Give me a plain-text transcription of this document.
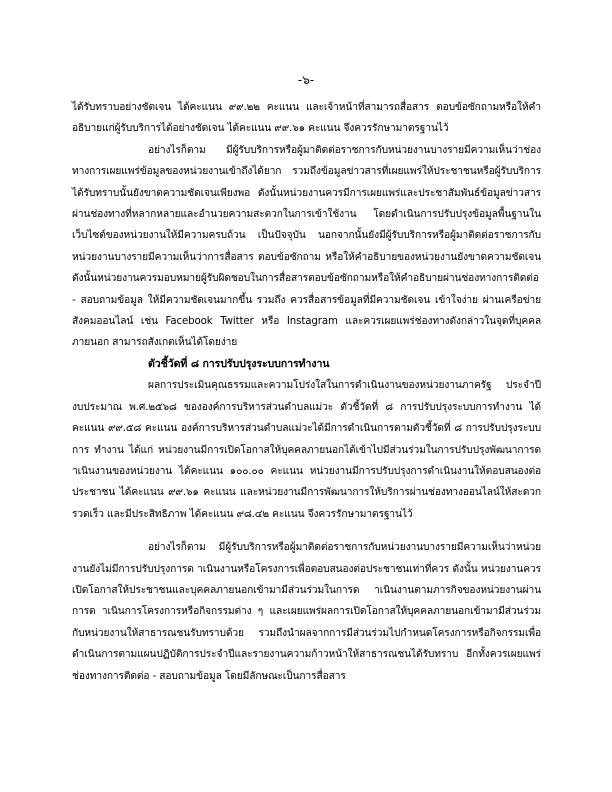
-๖-

ได้รับทราบอย่างชัดเจน ได้คะแนน ๙๙.๒๒ คะแนน และเจ้าหน้าที่สามารถสื่อสาร ตอบข้อซักถามหรือให้คำอธิบายแก่ผู้รับบริการได้อย่างชัดเจน ได้คะแนน ๙๙.๖๑ คะแนน จึงควรรักษามาตรฐานไว้

อย่างไรก็ตาม มีผู้รับบริการหรือผู้มาติดต่อราชการกับหน่วยงานบางรายมีความเห็นว่าช่องทางการเผยแพร่ข้อมูลของหน่วยงานเข้าถึงได้ยาก รวมถึงข้อมูลข่าวสารที่เผยแพร่ให้ประชาชนหรือผู้รับบริการได้รับทราบนั้นยังขาดความชัดเจนเพียงพอ ดังนั้นหน่วยงานควรมีการเผยแพร่และประชาสัมพันธ์ข้อมูลข่าวสาร ผ่านช่องทางที่หลากหลายและอำนวยความสะดวกในการเข้าใช้งาน โดยดำเนินการปรับปรุงข้อมูลพื้นฐานในเว็บไซต์ของหน่วยงานให้มีความครบถ้วน เป็นปัจจุบัน นอกจากนั้นยังมีผู้รับบริการหรือผู้มาติดต่อราชการกับหน่วยงานบางรายมีความเห็นว่าการสื่อสาร ตอบข้อซักถาม หรือให้คำอธิบายของหน่วยงานยังขาดความชัดเจน ดังนั้นหน่วยงานควรมอบหมายผู้รับผิดชอบในการสื่อสารตอบข้อซักถามหรือให้คำอธิบายผ่านช่องทางการติดต่อ - สอบถามข้อมูล ให้มีความชัดเจนมากขึ้น รวมถึง ควรสื่อสารข้อมูลที่มีความชัดเจน เข้าใจง่าย ผ่านเครือข่ายสังคมออนไลน์ เช่น Facebook Twitter หรือ Instagram และควรเผยแพร่ช่องทางดังกล่าวในจุดที่บุคคลภายนอก สามารถสังเกตเห็นได้โดยง่าย

ตัวชี้วัดที่ ๘ การปรับปรุงระบบการทำงาน

ผลการประเมินคุณธรรมและความโปร่งใสในการดำเนินงานของหน่วยงานภาครัฐ ประจำปี งบประมาณ พ.ศ.๒๕๖๘ ขององค์การบริหารส่วนตำบลแม่วะ ตัวชี้วัดที่ ๘ การปรับปรุงระบบการทำงาน ได้คะแนน ๙๙.๕๘ คะแนน องค์การบริหารส่วนตำบลแม่วะได้มีการดำเนินการตามตัวชี้วัดที่ ๘ การปรับปรุงระบบการ ทำงาน ได้แก่ หน่วยงานมีการเปิดโอกาสให้บุคคลภายนอกได้เข้าไปมีส่วนร่วมในการปรับปรุงพัฒนาการด าเนินงานของหน่วยงาน ได้คะแนน ๑๐๐.๐๐ คะแนน หน่วยงานมีการปรับปรุงการดำเนินงานให้ตอบสนองต่อประชาชน ได้คะแนน ๙๙.๖๑ คะแนน และหน่วยงานมีการพัฒนาการให้บริการผ่านช่องทางออนไลน์ให้สะดวก รวดเร็ว และมีประสิทธิภาพ ได้คะแนน ๙๘.๔๒ คะแนน จึงควรรักษามาตรฐานไว้

อย่างไรก็ตาม มีผู้รับบริการหรือผู้มาติดต่อราชการกับหน่วยงานบางรายมีความเห็นว่าหน่วยงานยังไม่มีการปรับปรุงการด าเนินงานหรือโครงการเพื่อตอบสนองต่อประชาชนเท่าที่ควร ดังนั้น หน่วยงานควรเปิดโอกาสให้ประชาชนและบุคคลภายนอกเข้ามามีส่วนร่วมในการด าเนินงานตามภารกิจของหน่วยงานผ่านการด าเนินการโครงการหรือกิจกรรมต่าง ๆ และเผยแพร่ผลการเปิดโอกาสให้บุคคลภายนอกเข้ามามีส่วนร่วมกับหน่วยงานให้สาธารณชนรับทราบด้วย รวมถึงนำผลจากการมีส่วนร่วมไปกำหนดโครงการหรือกิจกรรมเพื่อดำเนินการตามแผนปฏิบัติการประจำปีและรายงานความก้าวหน้าให้สาธารณชนได้รับทราบ อีกทั้งควรเผยแพร่ช่องทางการติดต่อ - สอบถามข้อมูล โดยมีลักษณะเป็นการสื่อสาร
